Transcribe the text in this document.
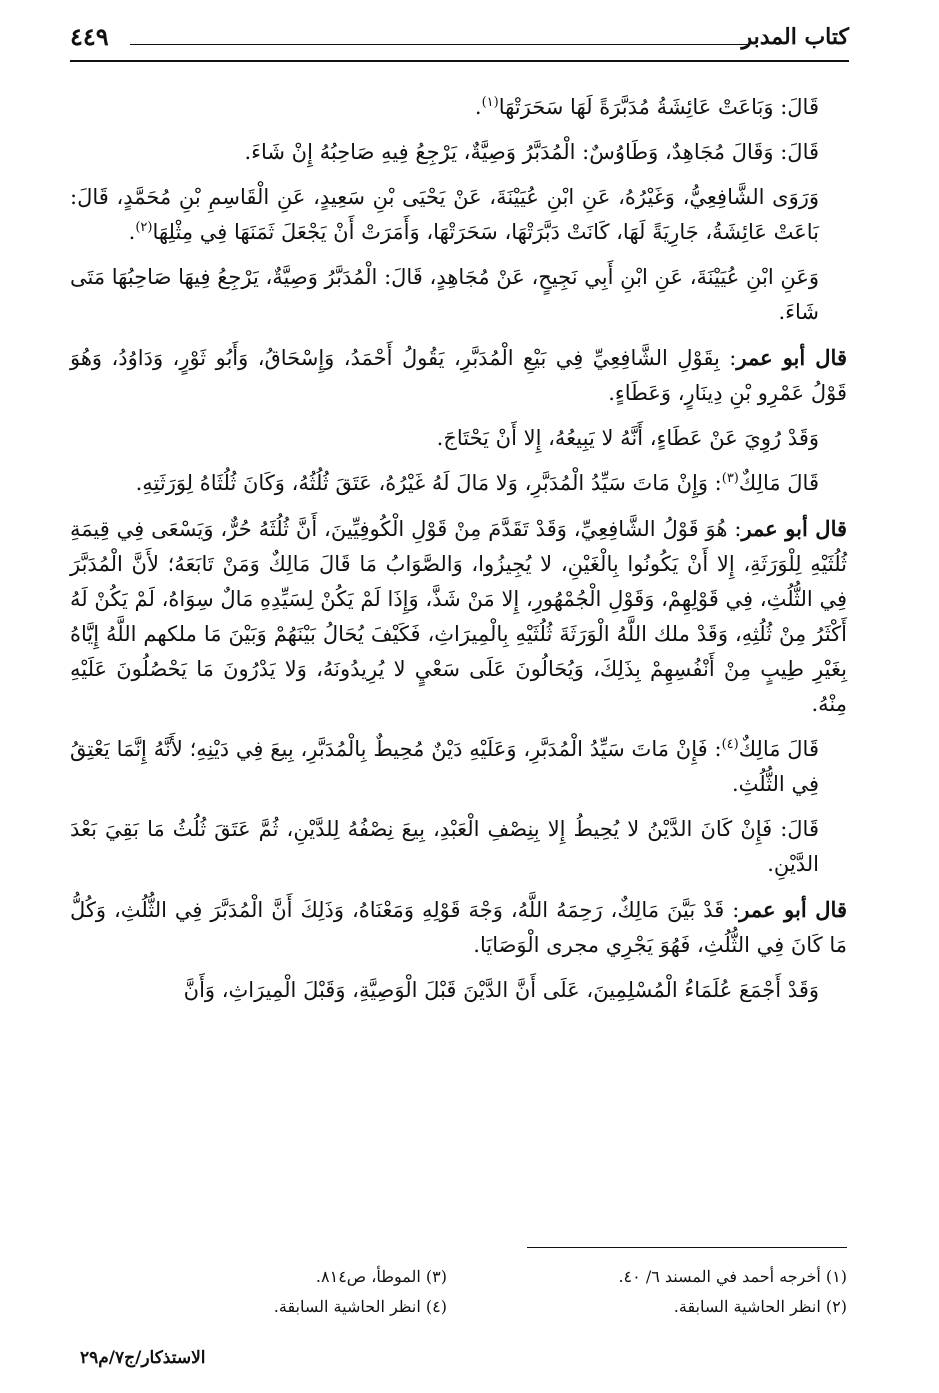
كتاب المدبر
٤٤٩

قَالَ: وَبَاعَتْ عَائِشَةُ مُدَبَّرَةً لَهَا سَحَرَتْهَا$^{(١)}$.

قَالَ: وَقَالَ مُجَاهِدٌ، وَطَاوُسٌ: الْمُدَبَّرُ وَصِيَّةٌ، يَرْجِعُ فِيهِ صَاحِبُهُ إِنْ شَاءَ.

وَرَوَى الشَّافِعِيُّ، وَغَيْرُهُ، عَنِ ابْنِ عُيَيْنَةَ، عَنْ يَحْيَى بْنِ سَعِيدٍ، عَنِ الْقَاسِمِ بْنِ مُحَمَّدٍ، قَالَ: بَاعَتْ عَائِشَةُ، جَارِيَةً لَهَا، كَانَتْ دَبَّرَتْهَا، سَحَرَتْهَا، وَأَمَرَتْ أَنْ يَجْعَلَ ثَمَنَهَا فِي مِثْلِهَا$^{(٢)}$.

وَعَنِ ابْنِ عُيَيْنَةَ، عَنِ ابْنِ أَبِي نَجِيحٍ، عَنْ مُجَاهِدٍ، قَالَ: الْمُدَبَّرُ وَصِيَّةٌ، يَرْجِعُ فِيهَا صَاحِبُهَا مَتَى شَاءَ.

قال أبو عمر: بِقَوْلِ الشَّافِعِيِّ فِي بَيْعِ الْمُدَبَّرِ، يَقُولُ أَحْمَدُ، وَإِسْحَاقُ، وَأَبُو ثَوْرٍ، وَدَاوُدُ، وَهُوَ قَوْلُ عَمْرِو بْنِ دِينَارٍ، وَعَطَاءٍ.

وَقَدْ رُوِيَ عَنْ عَطَاءٍ، أَنَّهُ لا يَبِيعُهُ، إِلا أَنْ يَحْتَاجَ.

قَالَ مَالِكٌ$^{(٣)}$: وَإِنْ مَاتَ سَيِّدُ الْمُدَبَّرِ، وَلا مَالَ لَهُ غَيْرُهُ، عَتَقَ ثُلُثُهُ، وَكَانَ ثُلُثَاهُ لِوَرَثَتِهِ.

قال أبو عمر: هُوَ قَوْلُ الشَّافِعِيِّ، وَقَدْ تَقَدَّمَ مِنْ قَوْلِ الْكُوفِيِّينَ، أَنَّ ثُلُثَهُ حُرٌّ، وَيَسْعَى فِي قِيمَةِ ثُلُثَيْهِ لِلْوَرَثَةِ، إِلا أَنْ يَكُونُوا بِالْغَيْنِ، لا يُجِيزُوا، وَالصَّوَابُ مَا قَالَ مَالِكٌ وَمَنْ تَابَعَهُ؛ لأَنَّ الْمُدَبَّرَ فِي الثُّلُثِ، فِي قَوْلِهِمْ، وَقَوْلِ الْجُمْهُورِ، إِلا مَنْ شَذَّ، وَإِذَا لَمْ يَكُنْ لِسَيِّدِهِ مَالٌ سِوَاهُ، لَمْ يَكُنْ لَهُ أَكْثَرُ مِنْ ثُلُثِهِ، وَقَدْ ملك اللَّهُ الْوَرَثَةَ ثُلُثَيْهِ بِالْمِيرَاثِ، فَكَيْفَ يُحَالُ بَيْنَهُمْ وَبَيْنَ مَا ملكهم اللَّهُ إِيَّاهُ بِغَيْرِ طِيبٍ مِنْ أَنْفُسِهِمْ بِذَلِكَ، وَيُحَالُونَ عَلَى سَعْيٍ لا يُرِيدُونَهُ، وَلا يَدْرُونَ مَا يَحْصُلُونَ عَلَيْهِ مِنْهُ.

قَالَ مَالِكٌ$^{(٤)}$: فَإِنْ مَاتَ سَيِّدُ الْمُدَبَّرِ، وَعَلَيْهِ دَيْنٌ مُحِيطٌ بِالْمُدَبَّرِ، بِيعَ فِي دَيْنِهِ؛ لأَنَّهُ إِنَّمَا يَعْتِقُ فِي الثُّلُثِ.

قَالَ: فَإِنْ كَانَ الدَّيْنُ لا يُحِيطُ إِلا بِنِصْفِ الْعَبْدِ، بِيعَ نِصْفُهُ لِلدَّيْنِ، ثُمَّ عَتَقَ ثُلُثُ مَا بَقِيَ بَعْدَ الدَّيْنِ.

قال أبو عمر: قَدْ بَيَّنَ مَالِكٌ، رَحِمَهُ اللَّهُ، وَجْهَ قَوْلِهِ وَمَعْنَاهُ، وَذَلِكَ أَنَّ الْمُدَبَّرَ فِي الثُّلُثِ، وَكُلُّ مَا كَانَ فِي الثُّلُثِ، فَهُوَ يَجْرِي مجرى الْوَصَايَا.

وَقَدْ أَجْمَعَ عُلَمَاءُ الْمُسْلِمِينَ، عَلَى أَنَّ الدَّيْنَ قَبْلَ الْوَصِيَّةِ، وَقَبْلَ الْمِيرَاثِ، وَأَنَّ

(١) أخرجه أحمد في المسند ٦/ ٤٠.
(٢) انظر الحاشية السابقة.
(٣) الموطأ، ص٨١٤.
(٤) انظر الحاشية السابقة.
الاستذكار/ج٧/م٢٩
